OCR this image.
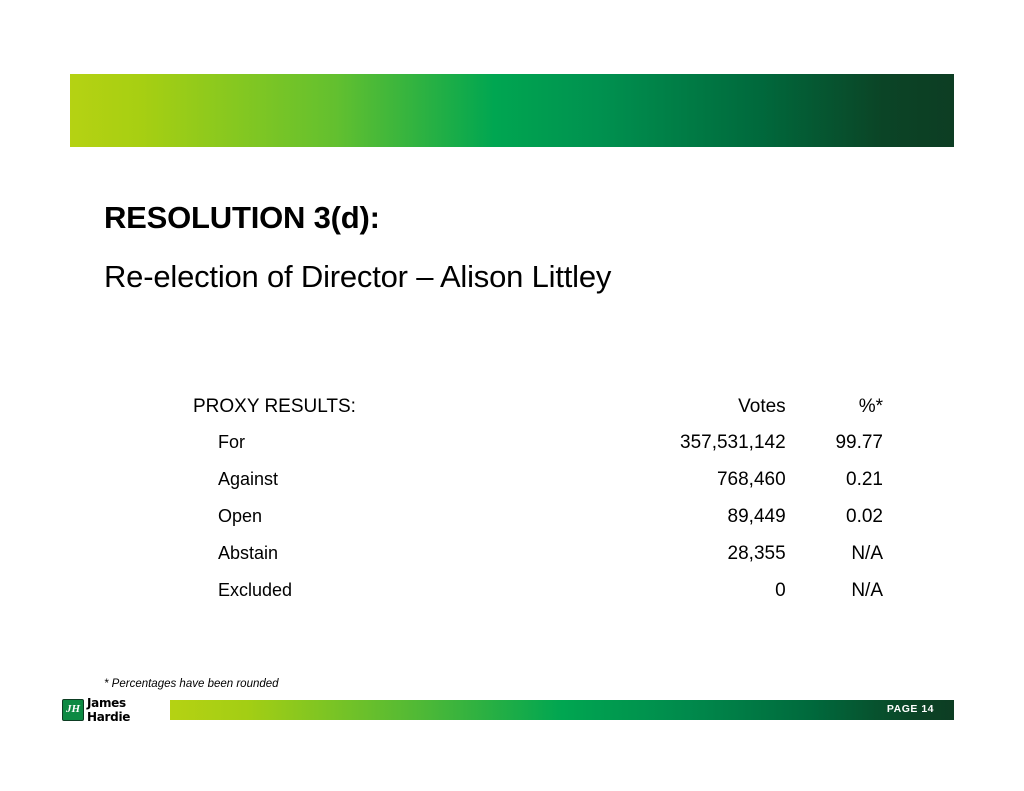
RESOLUTION 3(d):
Re-election of Director – Alison Littley
PROXY RESULTS:	Votes	%*
For	357,531,142	99.77
Against	768,460	0.21
Open	89,449	0.02
Abstain	28,355	N/A
Excluded	0	N/A
* Percentages have been rounded
PAGE 14
JH James Hardie
